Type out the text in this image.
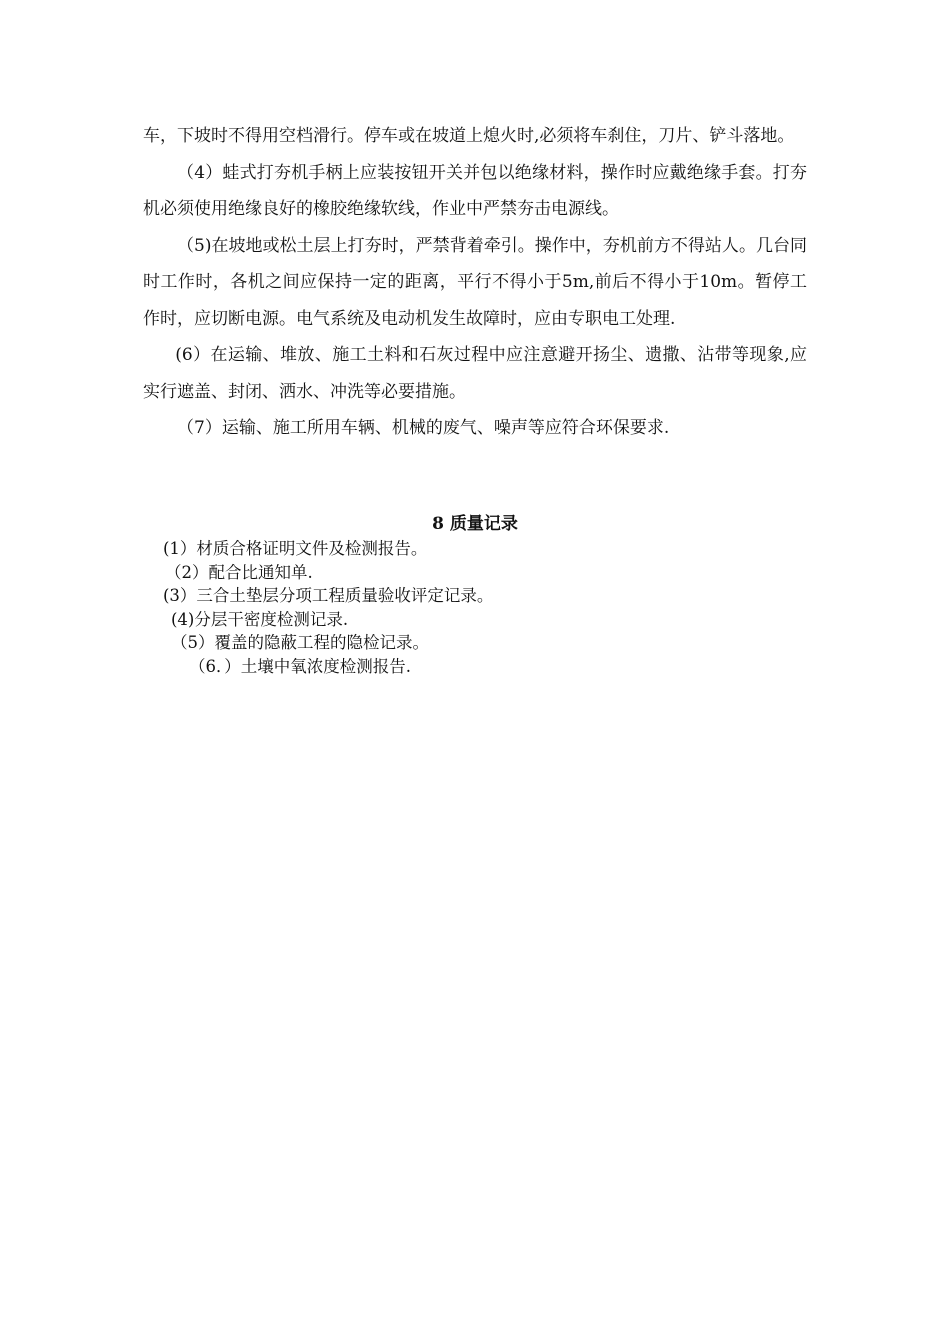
车，下坡时不得用空档滑行。停车或在坡道上熄火时,必须将车刹住，刀片、铲斗落地。

（4）蛙式打夯机手柄上应装按钮开关并包以绝缘材料，操作时应戴绝缘手套。打夯机必须使用绝缘良好的橡胶绝缘软线，作业中严禁夯击电源线。

（5)在坡地或松土层上打夯时，严禁背着牵引。操作中，夯机前方不得站人。几台同时工作时，各机之间应保持一定的距离，平行不得小于5m,前后不得小于10m。暂停工作时，应切断电源。电气系统及电动机发生故障时，应由专职电工处理.

(6）在运输、堆放、施工土料和石灰过程中应注意避开扬尘、遗撒、沾带等现象,应实行遮盖、封闭、洒水、冲洗等必要措施。

（7）运输、施工所用车辆、机械的废气、噪声等应符合环保要求.

8 质量记录

(1）材质合格证明文件及检测报告。

（2）配合比通知单.

(3）三合土垫层分项工程质量验收评定记录。

(4)分层干密度检测记录.

（5）覆盖的隐蔽工程的隐检记录。

（6．）土壤中氧浓度检测报告.
